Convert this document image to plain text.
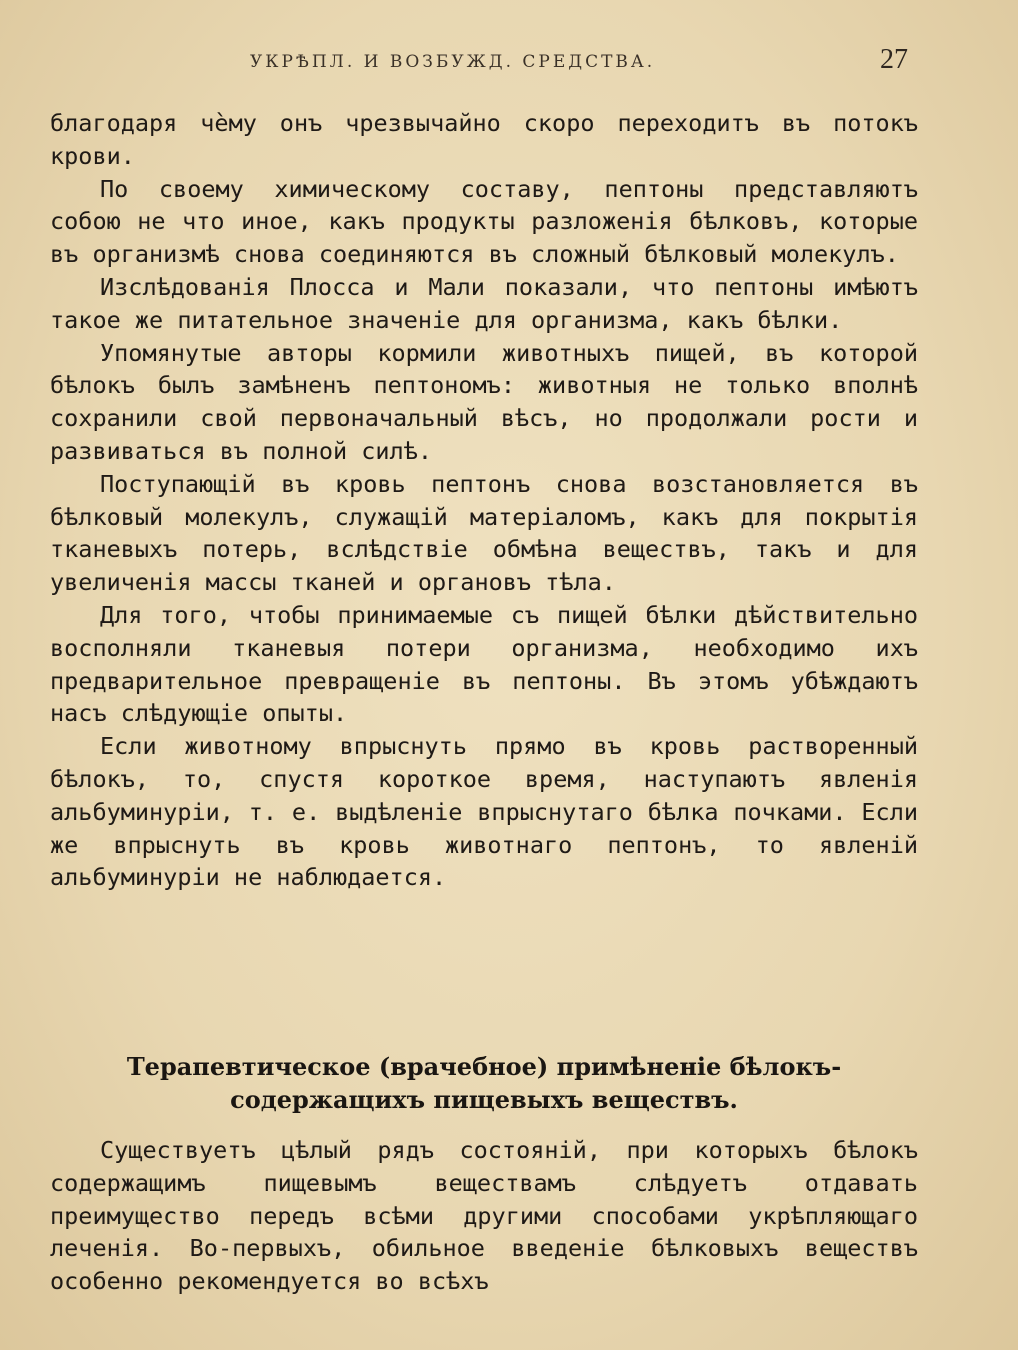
УКРѢПЛ. И ВОЗБУЖД. СРЕДСТВА.	27

благодаря чѐму онъ чрезвычайно скоро переходитъ въ потокъ крови.

По своему химическому составу, пептоны представляютъ собою не что иное, какъ продукты разложенія бѣлковъ, которые въ организмѣ снова соединяются въ сложный бѣлковый молекулъ.

Изслѣдованія Плосса и Мали показали, что пептоны имѣютъ такое же питательное значеніе для организма, какъ бѣлки.

Упомянутые авторы кормили животныхъ пищей, въ которой бѣлокъ былъ замѣненъ пептономъ: животныя не только вполнѣ сохранили свой первоначальный вѣсъ, но продолжали рости и развиваться въ полной силѣ.

Поступающій въ кровь пептонъ снова возстановляется въ бѣлковый молекулъ, служащій матеріаломъ, какъ для покрытія тканевыхъ потерь, вслѣдствіе обмѣна веществъ, такъ и для увеличенія массы тканей и органовъ тѣла.

Для того, чтобы принимаемые съ пищей бѣлки дѣйствительно восполняли тканевыя потери организма, необходимо ихъ предварительное превращеніе въ пептоны. Въ этомъ убѣждаютъ насъ слѣдующіе опыты.

Если животному впрыснуть прямо въ кровь растворенный бѣлокъ, то, спустя короткое время, наступаютъ явленія альбуминуріи, т. е. выдѣленіе впрыснутаго бѣлка почками. Если же впрыснуть въ кровь животнаго пептонъ, то явленій альбуминуріи не наблюдается.

Терапевтическое (врачебное) примѣненіе бѣлокъ-содержащихъ пищевыхъ веществъ.

Существуетъ цѣлый рядъ состояній, при которыхъ бѣлокъ содержащимъ пищевымъ веществамъ слѣдуетъ отдавать преимущество передъ всѣми другими способами укрѣпляющаго леченія. Во-первыхъ, обильное введеніе бѣлковыхъ веществъ особенно рекомендуется во всѣхъ
